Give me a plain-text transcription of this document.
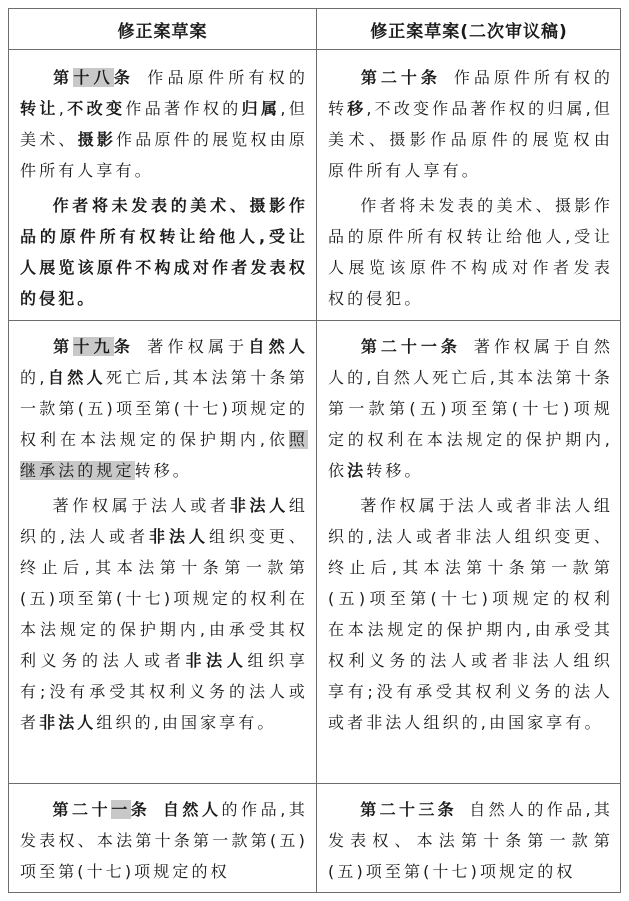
修正案草案	修正案草案(二次审议稿)

第十八条 作品原件所有权的转让,不改变作品著作权的归属,但美术、摄影作品原件的展览权由原件所有人享有。

作者将未发表的美术、摄影作品的原件所有权转让给他人,受让人展览该原件不构成对作者发表权的侵犯。

第二十条 作品原件所有权的转移,不改变作品著作权的归属,但美术、摄影作品原件的展览权由原件所有人享有。

作者将未发表的美术、摄影作品的原件所有权转让给他人,受让人展览该原件不构成对作者发表权的侵犯。

第十九条 著作权属于自然人的,自然人死亡后,其本法第十条第一款第(五)项至第(十七)项规定的权利在本法规定的保护期内,依照继承法的规定转移。

著作权属于法人或者非法人组织的,法人或者非法人组织变更、终止后,其本法第十条第一款第(五)项至第(十七)项规定的权利在本法规定的保护期内,由承受其权利义务的法人或者非法人组织享有;没有承受其权利义务的法人或者非法人组织的,由国家享有。

第二十一条 著作权属于自然人的,自然人死亡后,其本法第十条第一款第(五)项至第(十七)项规定的权利在本法规定的保护期内,依法转移。

著作权属于法人或者非法人组织的,法人或者非法人组织变更、终止后,其本法第十条第一款第(五)项至第(十七)项规定的权利在本法规定的保护期内,由承受其权利义务的法人或者非法人组织享有;没有承受其权利义务的法人或者非法人组织的,由国家享有。

第二十一条 自然人的作品,其发表权、本法第十条第一款第(五)项至第(十七)项规定的权

第二十三条 自然人的作品,其发表权、本法第十条第一款第(五)项至第(十七)项规定的权
